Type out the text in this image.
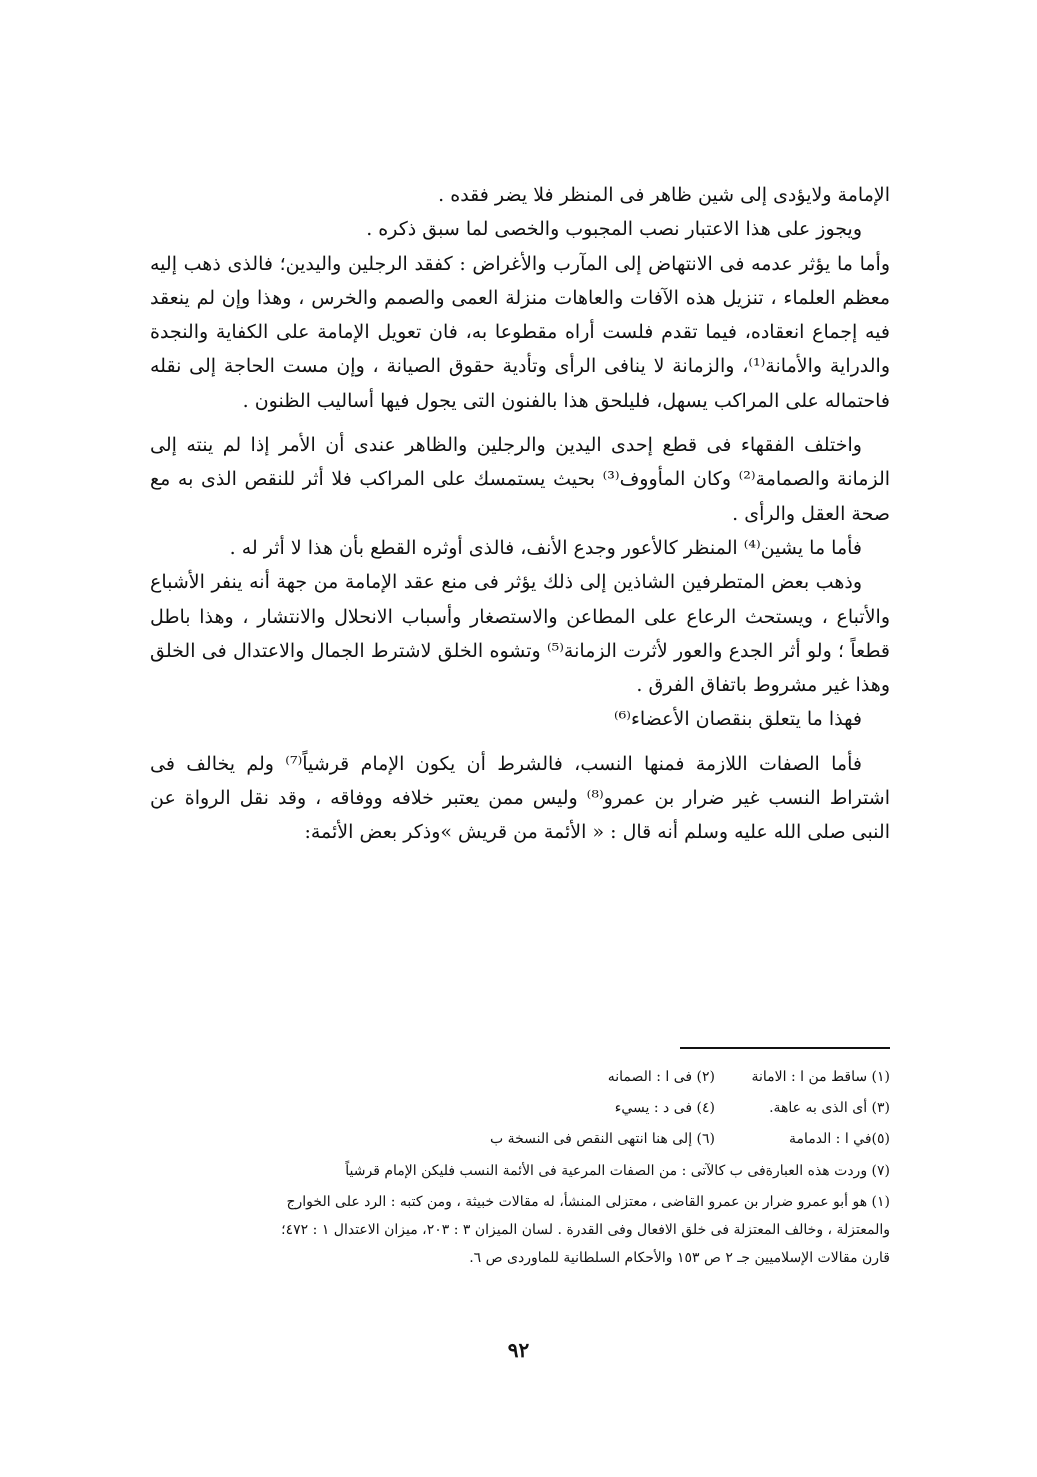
الإمامة ولايؤدى إلى شين ظاهر فى المنظر فلا يضر فقده .

ويجوز على هذا الاعتبار نصب المجبوب والخصى لما سبق ذكره .

وأما ما يؤثر عدمه فى الانتهاض إلى المآرب والأغراض : كفقد الرجلين واليدين؛ فالذى ذهب إليه معظم العلماء ، تنزيل هذه الآفات والعاهات منزلة العمى والصمم والخرس ، وهذا وإن لم ينعقد فيه إجماع انعقاده، فيما تقدم فلست أراه مقطوعا به، فان تعويل الإمامة على الكفاية والنجدة والدراية والأمانة⁽¹⁾، والزمانة لا ينافى الرأى وتأدية حقوق الصيانة ، وإن مست الحاجة إلى نقله فاحتماله على المراكب يسهل، فليلحق هذا بالفنون التى يجول فيها أساليب الظنون .

واختلف الفقهاء فى قطع إحدى اليدين والرجلين والظاهر عندى أن الأمر إذا لم ينته إلى الزمانة والصمامة⁽²⁾ وكان المأووف⁽³⁾ بحيث يستمسك على المراكب فلا أثر للنقص الذى به مع صحة العقل والرأى .

فأما ما يشين⁽⁴⁾ المنظر كالأعور وجدع الأنف، فالذى أوثره القطع بأن هذا لا أثر له .

وذهب بعض المتطرفين الشاذين إلى ذلك يؤثر فى منع عقد الإمامة من جهة أنه ينفر الأشباع والأتباع ، ويستحث الرعاع على المطاعن والاستصغار وأسباب الانحلال والانتشار ، وهذا باطل قطعاً ؛ ولو أثر الجدع والعور لأثرت الزمانة⁽⁵⁾ وتشوه الخلق لاشترط الجمال والاعتدال فى الخلق وهذا غير مشروط باتفاق الفرق .

فهذا ما يتعلق بنقصان الأعضاء⁽⁶⁾

فأما الصفات اللازمة فمنها النسب، فالشرط أن يكون الإمام قرشياً⁽⁷⁾ ولم يخالف فى اشتراط النسب غير ضرار بن عمرو⁽⁸⁾ وليس ممن يعتبر خلافه ووفاقه ، وقد نقل الرواة عن النبى صلى الله عليه وسلم أنه قال : « الأئمة من قريش »وذكر بعض الأئمة:

(١) ساقط من ا : الامانة
(٢) فى ا : الصمانه
(٣) أى الذى به عاهة.
(٤) فى د : يسيء
(٥)في ا : الدمامة
(٦) إلى هنا انتهى النقص فى النسخة ب
(٧) وردت هذه العبارةفى ب كالآتى : من الصفات المرعية فى الأئمة النسب فليكن الإمام قرشياً

(١) هو أبو عمرو ضرار بن عمرو القاضى ، معتزلى المنشأ، له مقالات خبيثة ، ومن كتبه : الرد على الخوارج

والمعتزلة ، وخالف المعتزلة فى خلق الافعال وفى القدرة . لسان الميزان ٣ : ٢٠٣، ميزان الاعتدال ١ : ٤٧٢؛

قارن مقالات الإسلاميين جـ ٢ ص ١٥٣ والأحكام السلطانية للماوردى ص ٦.

٩٢
